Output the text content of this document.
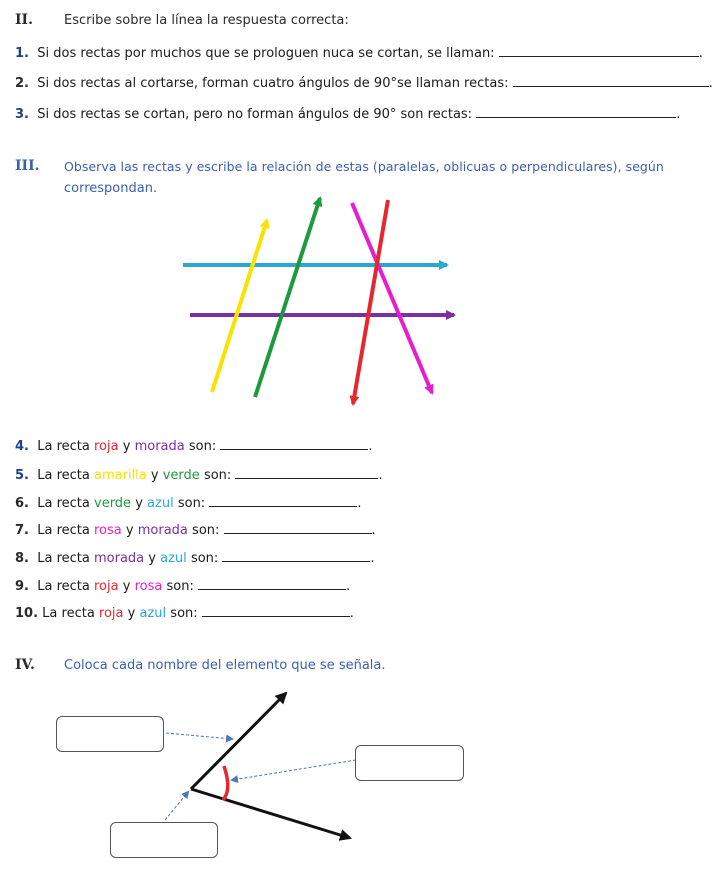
II. Escribe sobre la línea la respuesta correcta:
1. Si dos rectas por muchos que se prologuen nuca se cortan, se llaman:	.
2. Si dos rectas al cortarse, forman cuatro ángulos de 90°se llaman rectas:	.
3. Si dos rectas se cortan, pero no forman ángulos de 90° son rectas:	.
III. Observa las rectas y escribe la relación de estas (paralelas, oblicuas o perpendiculares), según
correspondan.
4. La recta roja y morada son:	.
5. La recta amarilla y verde son:	.
6. La recta verde y azul son:	.
7. La recta rosa y morada son:	.
8. La recta morada y azul son:	.
9. La recta roja y rosa son:	.
10. La recta roja y azul son:	.
IV. Coloca cada nombre del elemento que se señala.
